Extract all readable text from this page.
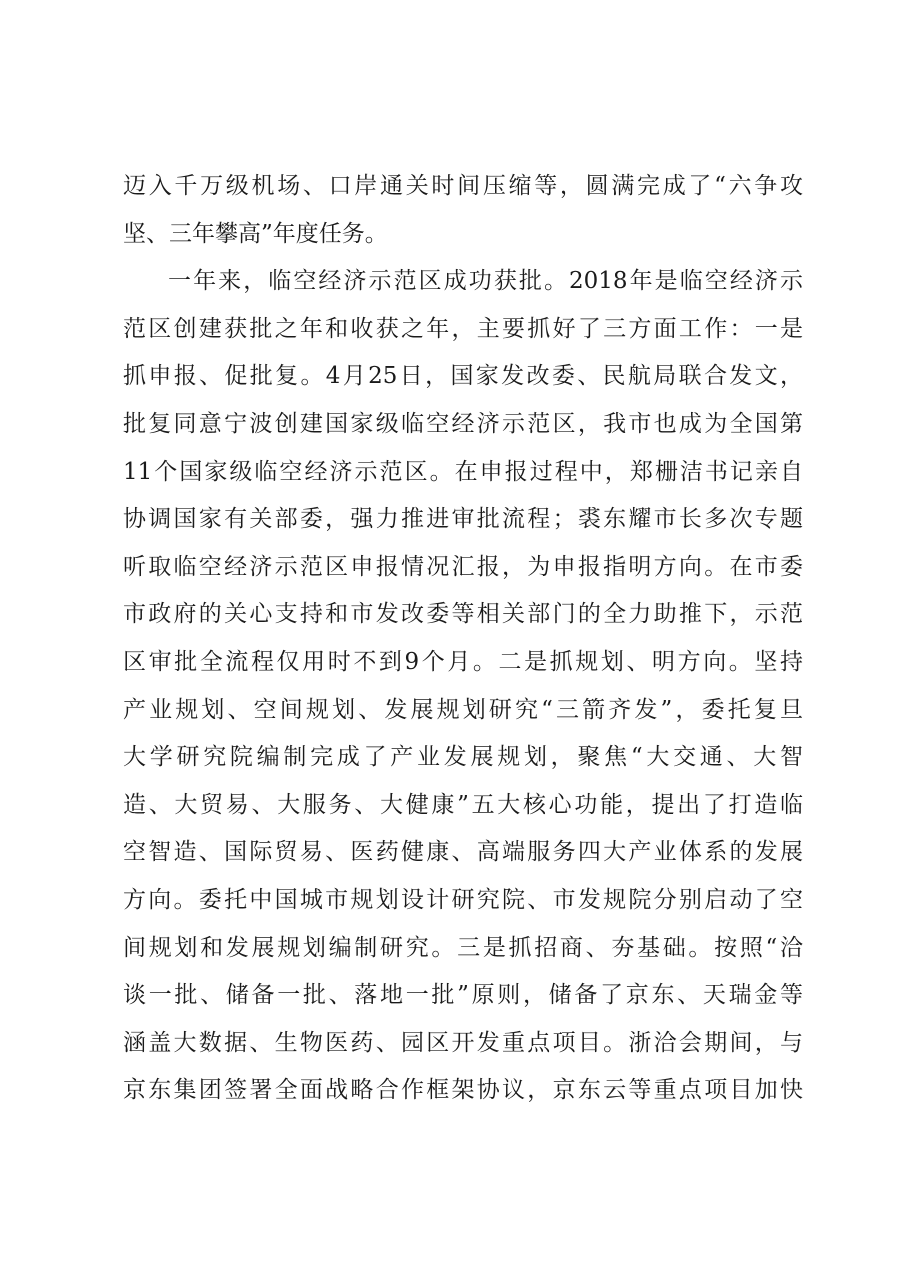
迈入千万级机场、口岸通关时间压缩等，圆满完成了“六争攻
坚、三年攀高”年度任务。
一年来，临空经济示范区成功获批。2018年是临空经济示
范区创建获批之年和收获之年，主要抓好了三方面工作：一是
抓申报、促批复。4月25日，国家发改委、民航局联合发文，
批复同意宁波创建国家级临空经济示范区，我市也成为全国第
11个国家级临空经济示范区。在申报过程中，郑栅洁书记亲自
协调国家有关部委，强力推进审批流程；裘东耀市长多次专题
听取临空经济示范区申报情况汇报，为申报指明方向。在市委
市政府的关心支持和市发改委等相关部门的全力助推下，示范
区审批全流程仅用时不到9个月。二是抓规划、明方向。坚持
产业规划、空间规划、发展规划研究“三箭齐发”，委托复旦
大学研究院编制完成了产业发展规划，聚焦“大交通、大智
造、大贸易、大服务、大健康”五大核心功能，提出了打造临
空智造、国际贸易、医药健康、高端服务四大产业体系的发展
方向。委托中国城市规划设计研究院、市发规院分别启动了空
间规划和发展规划编制研究。三是抓招商、夯基础。按照“洽
谈一批、储备一批、落地一批”原则，储备了京东、天瑞金等
涵盖大数据、生物医药、园区开发重点项目。浙洽会期间，与
京东集团签署全面战略合作框架协议，京东云等重点项目加快
